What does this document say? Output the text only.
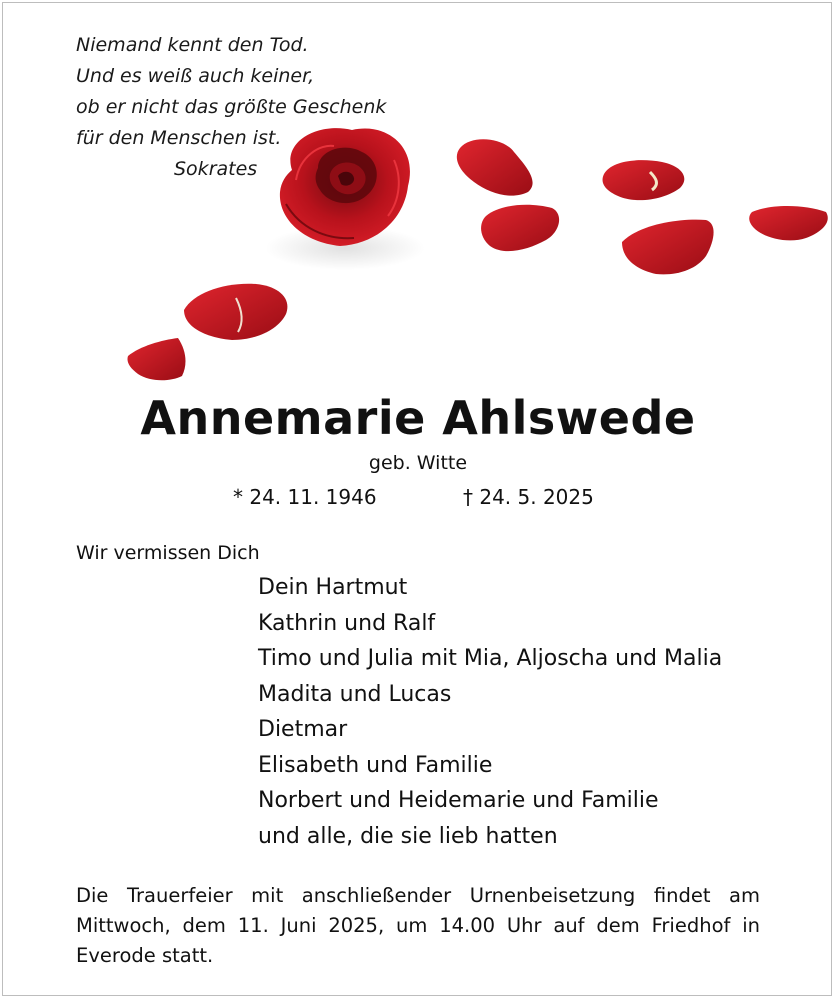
Niemand kennt den Tod.
Und es weiß auch keiner,
ob er nicht das größte Geschenk
für den Menschen ist.
Sokrates
Annemarie Ahlswede
geb. Witte
* 24. 11. 1946	† 24. 5. 2025
Wir vermissen Dich
Dein Hartmut
Kathrin und Ralf
Timo und Julia mit Mia, Aljoscha und Malia
Madita und Lucas
Dietmar
Elisabeth und Familie
Norbert und Heidemarie und Familie
und alle, die sie lieb hatten
Die Trauerfeier mit anschließender Urnenbeisetzung findet am Mittwoch, dem 11. Juni 2025, um 14.00 Uhr auf dem Friedhof in Everode statt.
